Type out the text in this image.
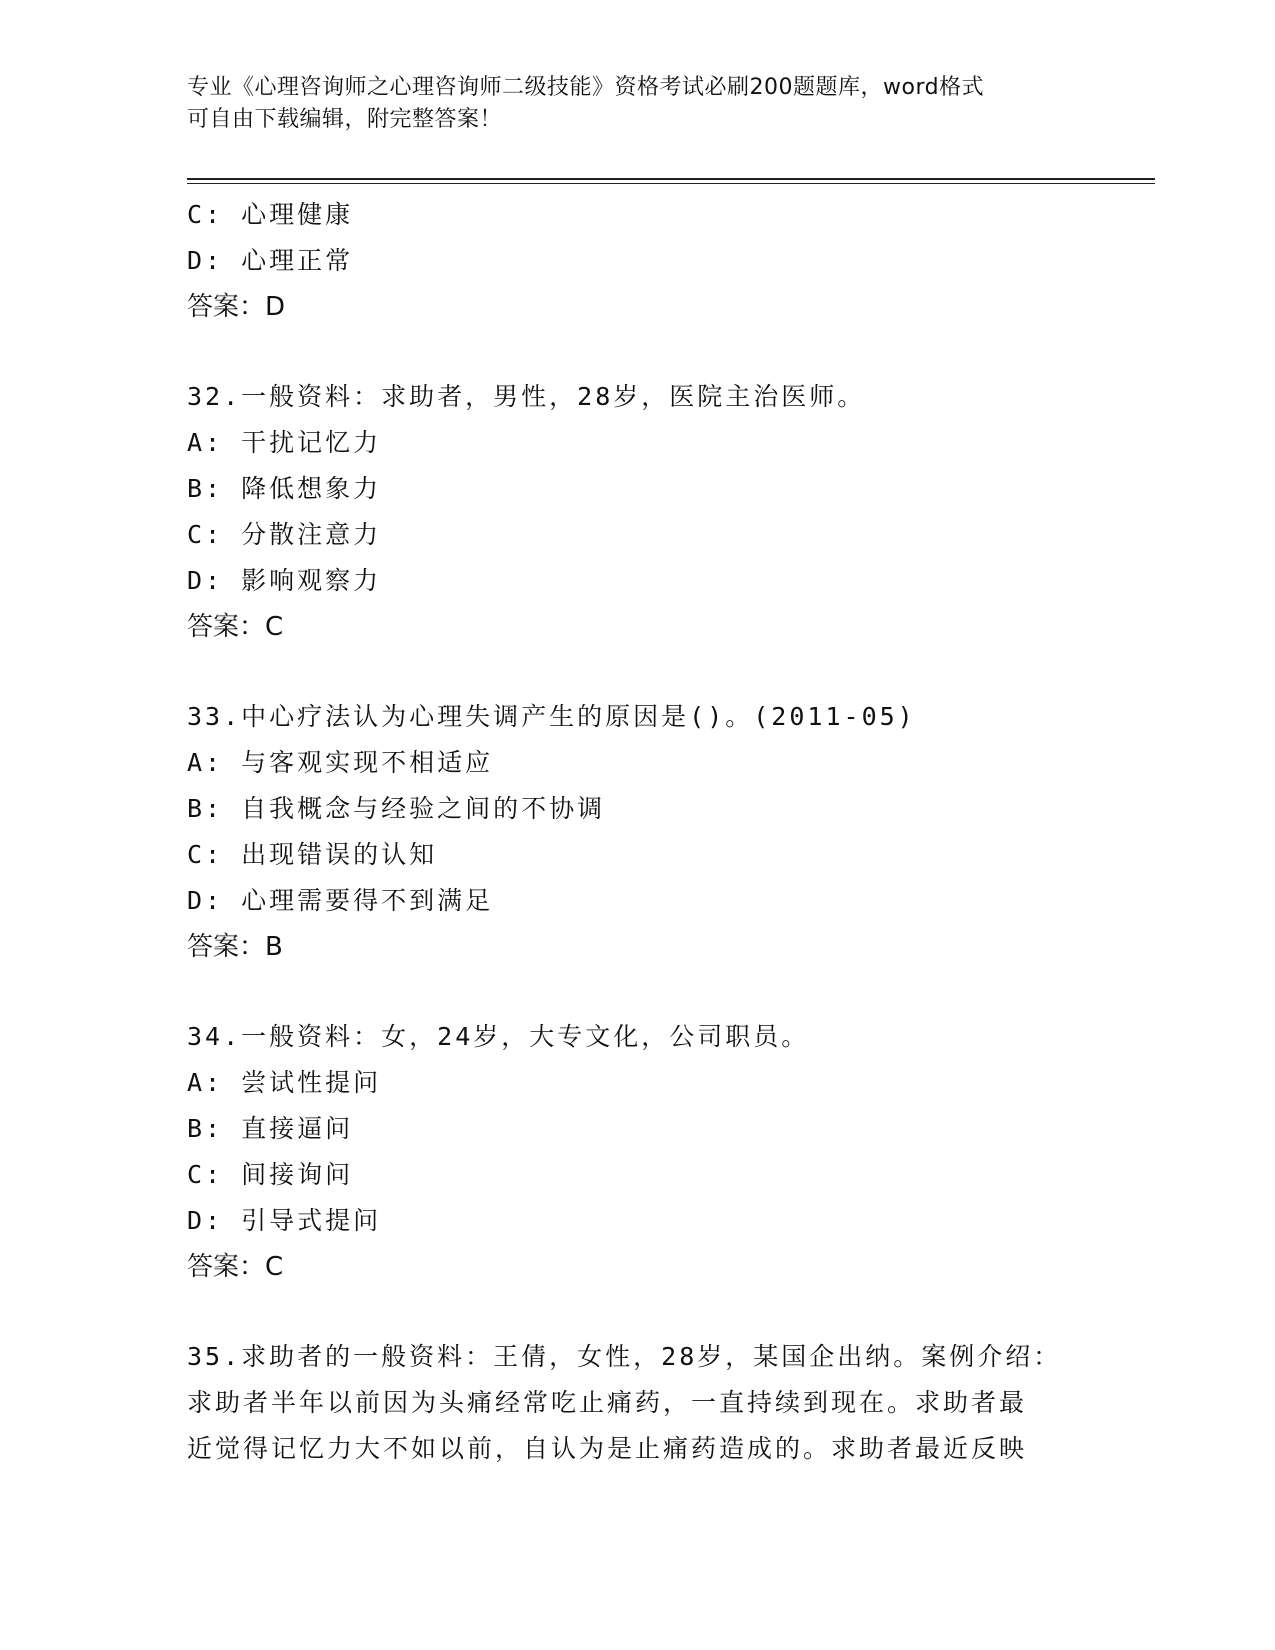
专业《心理咨询师之心理咨询师二级技能》资格考试必刷200题题库，word格式
可自由下载编辑，附完整答案！
C: 心理健康
D: 心理正常
答案：D
32.一般资料：求助者，男性，28岁，医院主治医师。
A: 干扰记忆力
B: 降低想象力
C: 分散注意力
D: 影响观察力
答案：C
33.中心疗法认为心理失调产生的原因是()。(2011-05)
A: 与客观实现不相适应
B: 自我概念与经验之间的不协调
C: 出现错误的认知
D: 心理需要得不到满足
答案：B
34.一般资料：女，24岁，大专文化，公司职员。
A: 尝试性提问
B: 直接逼问
C: 间接询问
D: 引导式提问
答案：C
35.求助者的一般资料：王倩，女性，28岁，某国企出纳。案例介绍：
求助者半年以前因为头痛经常吃止痛药，一直持续到现在。求助者最
近觉得记忆力大不如以前，自认为是止痛药造成的。求助者最近反映
